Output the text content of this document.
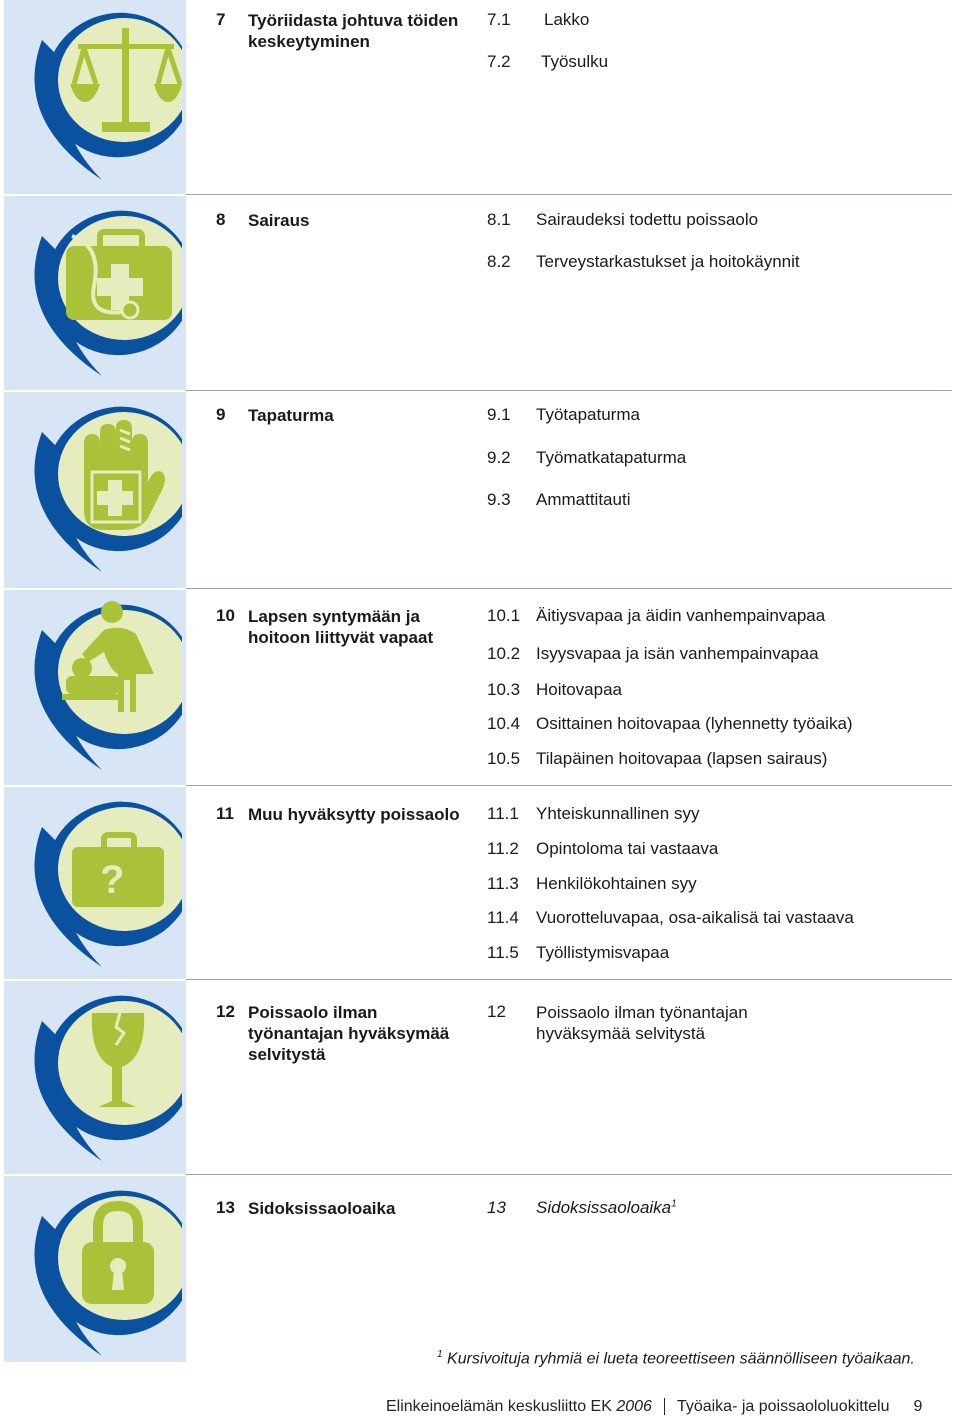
?
7 Työriidasta johtuva töiden keskeytyminen
7.1 Lakko
7.2 Työsulku
8 Sairaus	8.1 Sairaudeksi todettu poissaolo
8.2 Terveystarkastukset ja hoitokäynnit
9 Tapaturma	9.1 Työtapaturma
9.2 Työmatkatapaturma
9.3 Ammattitauti
10 Lapsen syntymään ja hoitoon liittyvät vapaat
10.1 Äitiysvapaa ja äidin vanhempainvapaa
10.2 Isyysvapaa ja isän vanhempainvapaa
10.3 Hoitovapaa
10.4 Osittainen hoitovapaa (lyhennetty työaika)
10.5 Tilapäinen hoitovapaa (lapsen sairaus)
11 Muu hyväksytty poissaolo	11.1 Yhteiskunnallinen syy
11.2 Opintoloma tai vastaava
11.3 Henkilökohtainen syy
11.4 Vuorotteluvapaa, osa-aikalisä tai vastaava
11.5 Työllistymisvapaa
12 Poissaolo ilman työnantajan hyväksymää selvitystä
12 Poissaolo ilman työnantajan hyväksymää selvitystä
13 Sidoksissaoloaika	13 Sidoksissaoloaika$^1$
$^1$ Kursivoituja ryhmiä ei lueta teoreettiseen säännölliseen työaikaan.
Elinkeinoelämän keskusliitto EK 2006 Työaika- ja poissaololuokittelu 9
